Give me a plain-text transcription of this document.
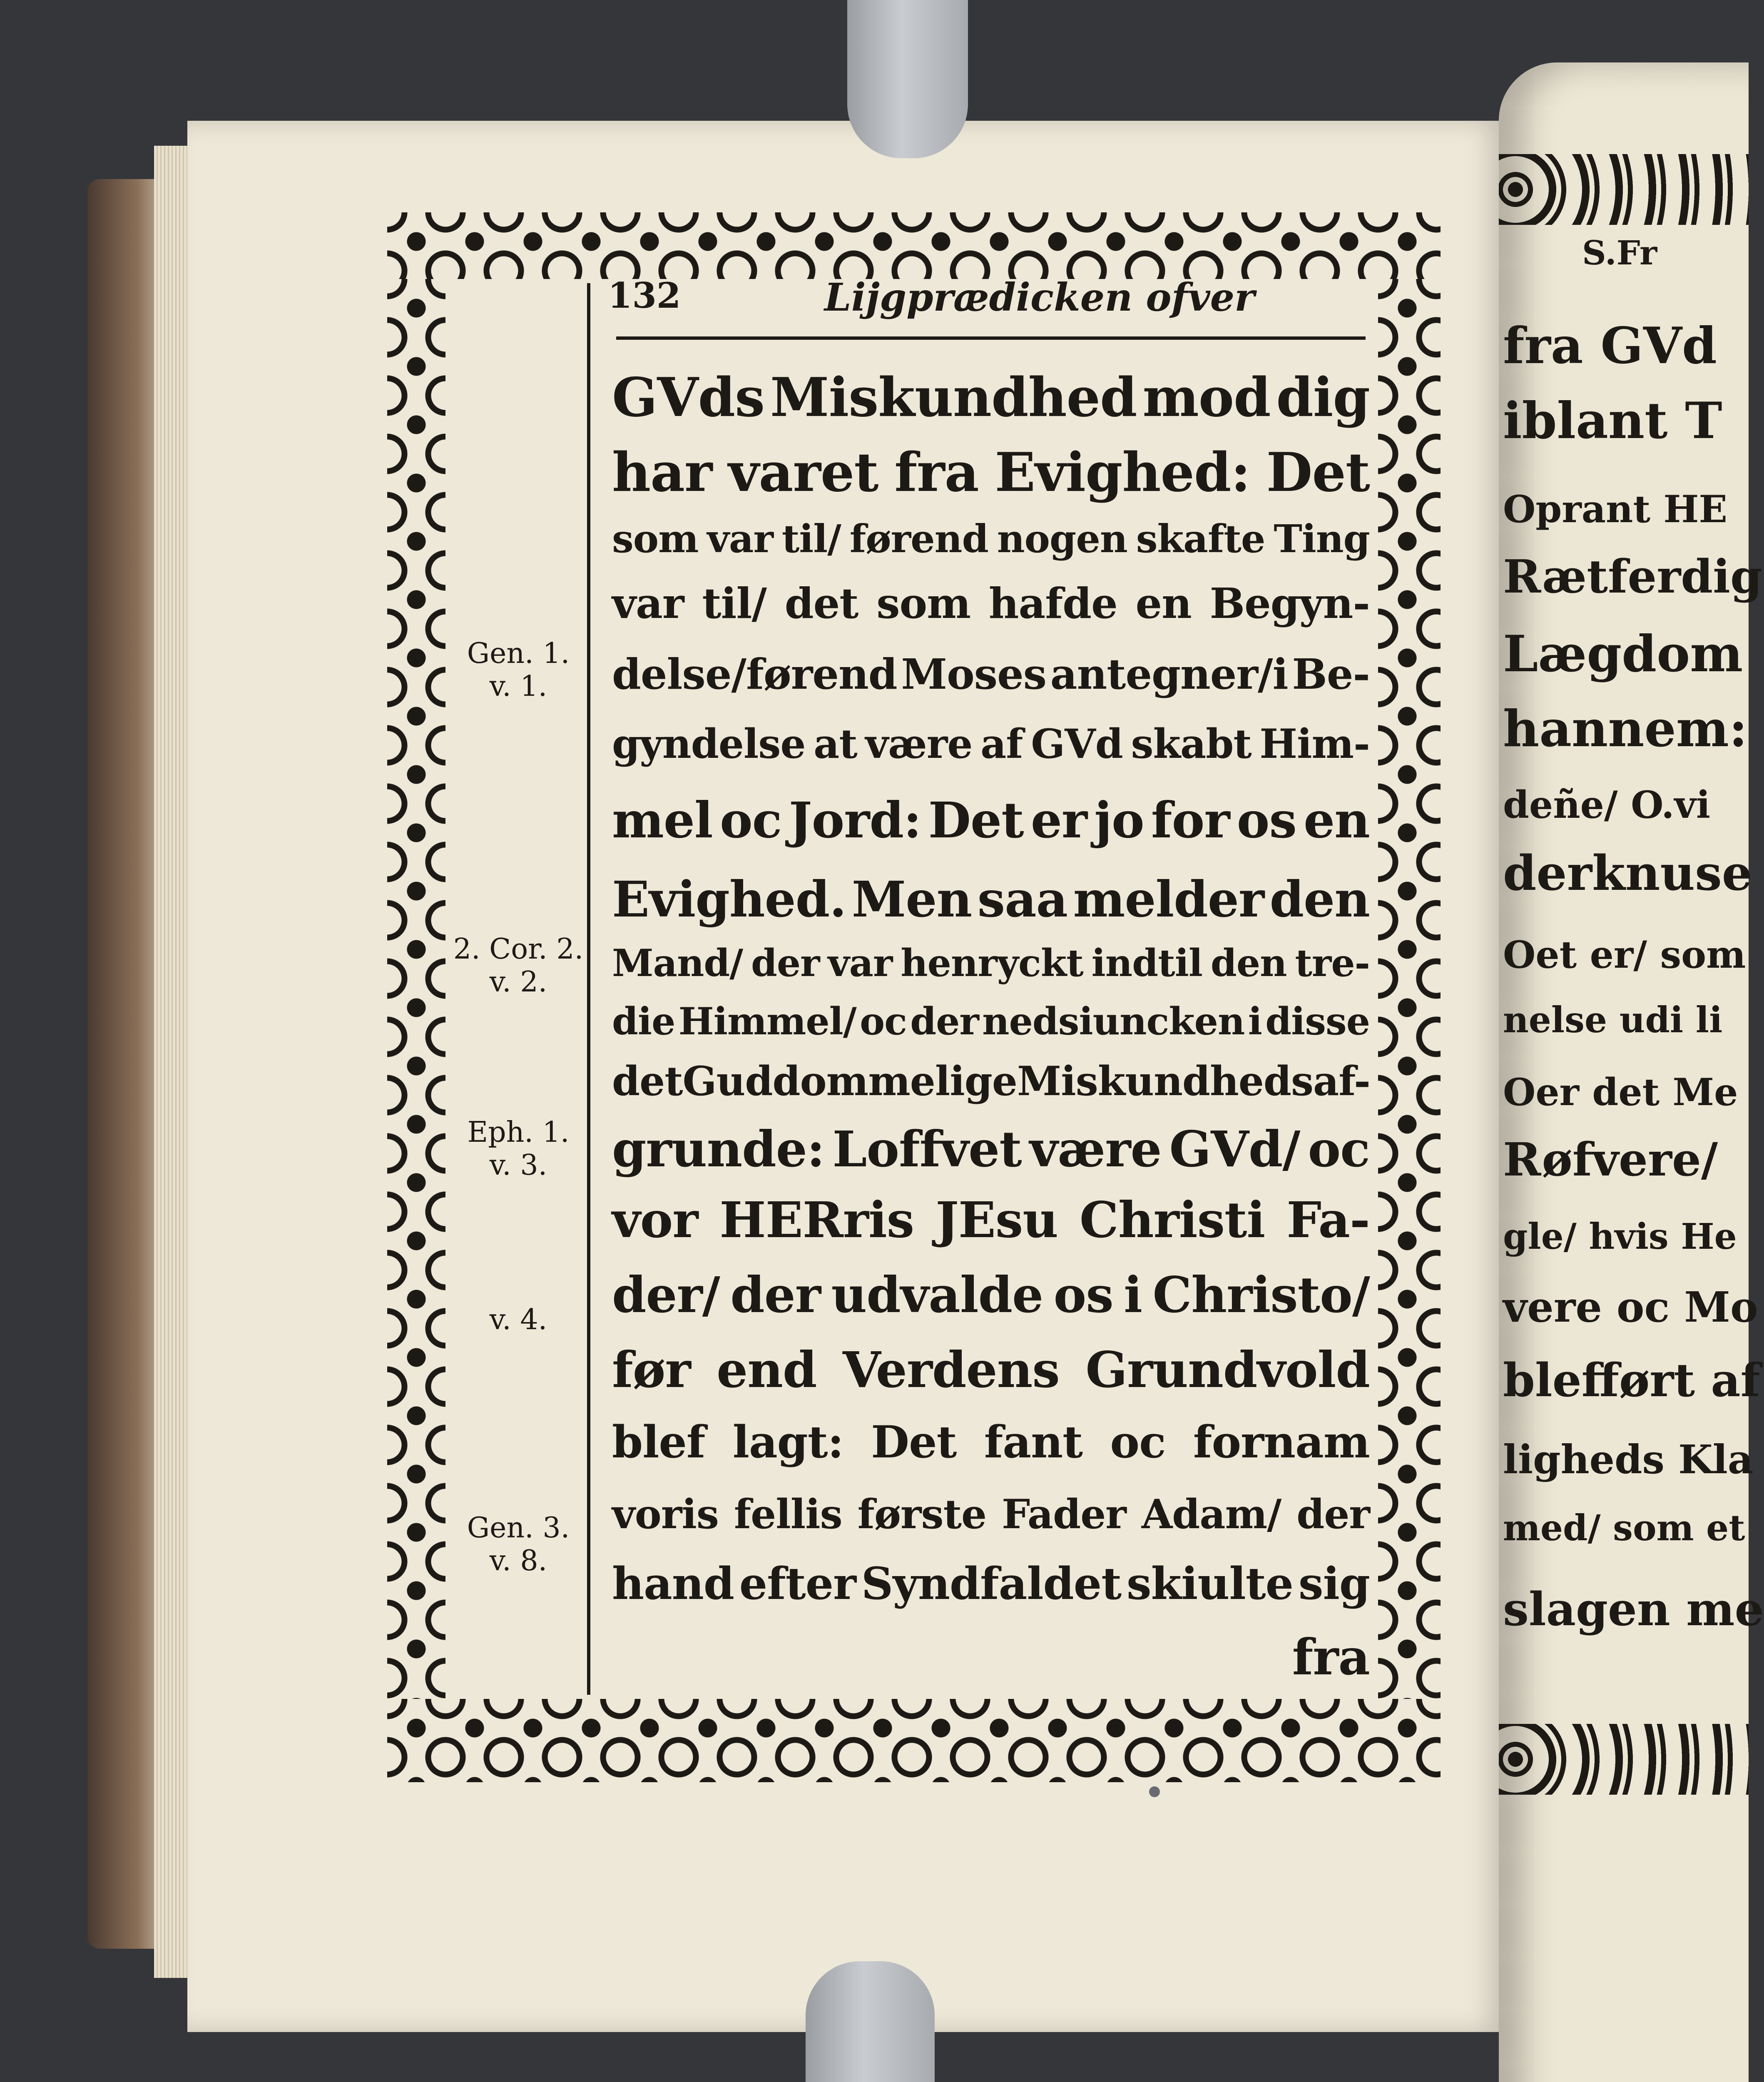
S.Fr
fra GVd
iblant T
Oprant HE
Rætferdig
Lægdom
hannem:
deñe/ O.vi
derknuse
Oet er/ som
nelse udi li
Oer det Me
Røfvere/
gle/ hvis He
vere oc Mo
blefført af
ligheds Kla
med/ som et
slagen me
132	Lijgprædicken ofver
Gen. 1.
v. 1.
2. Cor. 2.
v. 2.
Eph. 1.
v. 3.
v. 4.
Gen. 3.
v. 8.
GVds Miskundhed mod dig
har varet fra Evighed: Det
som var til/ førend nogen skafte Ting
var til/ det som hafde en Begyn-
delse/førend Moses antegner/i Be-
gyndelse at være af GVd skabt Him-
mel oc Jord: Det er jo for os en
Evighed. Men saa melder den
Mand/ der var henryckt indtil den tre-
die Himmel/ oc der nedsiuncken i disse
det Guddommelige Miskundheds af-
grunde: Loffvet være GVd/ oc
vor HERris JEsu Christi Fa-
der/ der udvalde os i Christo/
før end Verdens Grundvold
blef lagt: Det fant oc fornam
voris fellis første Fader Adam/ der
hand efter Syndfaldet skiulte sig
fra
